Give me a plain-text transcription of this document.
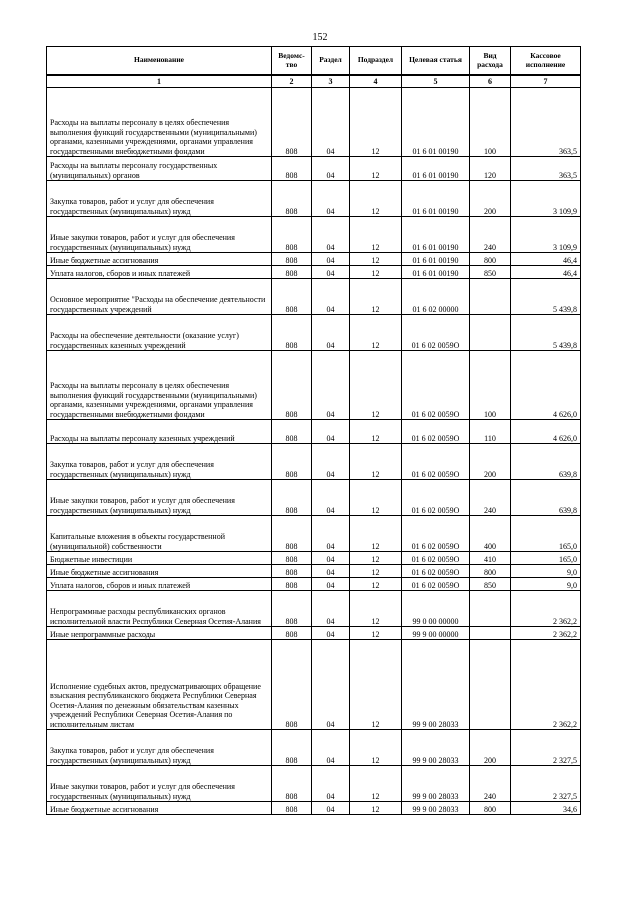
152
Наименование	Ведомс-тво	Раздел	Подраздел	Целевая статья	Вид расхода	Кассовое исполнение
1	2	3	4	5	6	7
Расходы на выплаты персоналу в целях обеспечения выполнения функций государственными (муниципальными) органами, казенными учреждениями, органами управления государственными внебюджетными фондами	808	04	12	01 6 01 00190	100	363,5
Расходы на выплаты персоналу государственных (муниципальных) органов	808	04	12	01 6 01 00190	120	363,5
Закупка товаров, работ и услуг для обеспечения государственных (муниципальных) нужд	808	04	12	01 6 01 00190	200	3 109,9
Иные закупки товаров, работ и услуг для обеспечения государственных (муниципальных) нужд	808	04	12	01 6 01 00190	240	3 109,9
Иные бюджетные ассигнования	808	04	12	01 6 01 00190	800	46,4
Уплата налогов, сборов и иных платежей	808	04	12	01 6 01 00190	850	46,4
Основное мероприятие "Расходы на обеспечение деятельности государственных учреждений	808	04	12	01 6 02 00000		5 439,8
Расходы на обеспечение деятельности (оказание услуг) государственных казенных учреждений	808	04	12	01 6 02 0059О		5 439,8
Расходы на выплаты персоналу в целях обеспечения выполнения функций государственными (муниципальными) органами, казенными учреждениями, органами управления государственными внебюджетными фондами	808	04	12	01 6 02 0059О	100	4 626,0
Расходы на выплаты персоналу казенных учреждений	808	04	12	01 6 02 0059О	110	4 626,0
Закупка товаров, работ и услуг для обеспечения государственных (муниципальных) нужд	808	04	12	01 6 02 0059О	200	639,8
Иные закупки товаров, работ и услуг для обеспечения государственных (муниципальных) нужд	808	04	12	01 6 02 0059О	240	639,8
Капитальные вложения в объекты государственной (муниципальной) собственности	808	04	12	01 6 02 0059О	400	165,0
Бюджетные инвестиции	808	04	12	01 6 02 0059О	410	165,0
Иные бюджетные ассигнования	808	04	12	01 6 02 0059О	800	9,0
Уплата налогов, сборов и иных платежей	808	04	12	01 6 02 0059О	850	9,0
Непрограммные расходы республиканских органов исполнительной власти Республики Северная Осетия-Алания	808	04	12	99 0 00 00000		2 362,2
Иные непрограммные расходы	808	04	12	99 9 00 00000		2 362,2
Исполнение судебных актов, предусматривающих обращение взыскания республиканского бюджета Республики Северная Осетия-Алания по денежным обязательствам казенных учреждений Республики Северная Осетия-Алания по исполнительным листам	808	04	12	99 9 00 28033		2 362,2
Закупка товаров, работ и услуг для обеспечения государственных (муниципальных) нужд	808	04	12	99 9 00 28033	200	2 327,5
Иные закупки товаров, работ и услуг для обеспечения государственных (муниципальных) нужд	808	04	12	99 9 00 28033	240	2 327,5
Иные бюджетные ассигнования	808	04	12	99 9 00 28033	800	34,6
